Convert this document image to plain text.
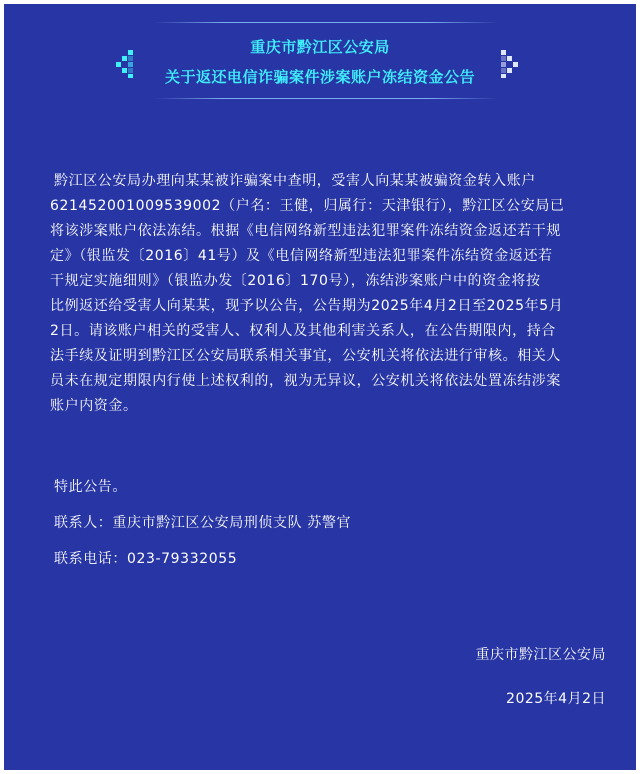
重庆市黔江区公安局
关于返还电信诈骗案件涉案账户冻结资金公告
黔江区公安局办理向某某被诈骗案中查明，受害人向某某被骗资金转入账户
621452001009539002（户名：王健，归属行：天津银行），黔江区公安局已
将该涉案账户依法冻结。根据《电信网络新型违法犯罪案件冻结资金返还若干规
定》（银监发〔2016〕41号）及《电信网络新型违法犯罪案件冻结资金返还若
干规定实施细则》（银监办发〔2016〕170号），冻结涉案账户中的资金将按
比例返还给受害人向某某，现予以公告，公告期为2025年4月2日至2025年5月
2日。请该账户相关的受害人、权利人及其他利害关系人，在公告期限内，持合
法手续及证明到黔江区公安局联系相关事宜，公安机关将依法进行审核。相关人
员未在规定期限内行使上述权利的，视为无异议，公安机关将依法处置冻结涉案
账户内资金。
特此公告。
联系人：重庆市黔江区公安局刑侦支队 苏警官
联系电话：023-79332055
重庆市黔江区公安局
2025年4月2日
